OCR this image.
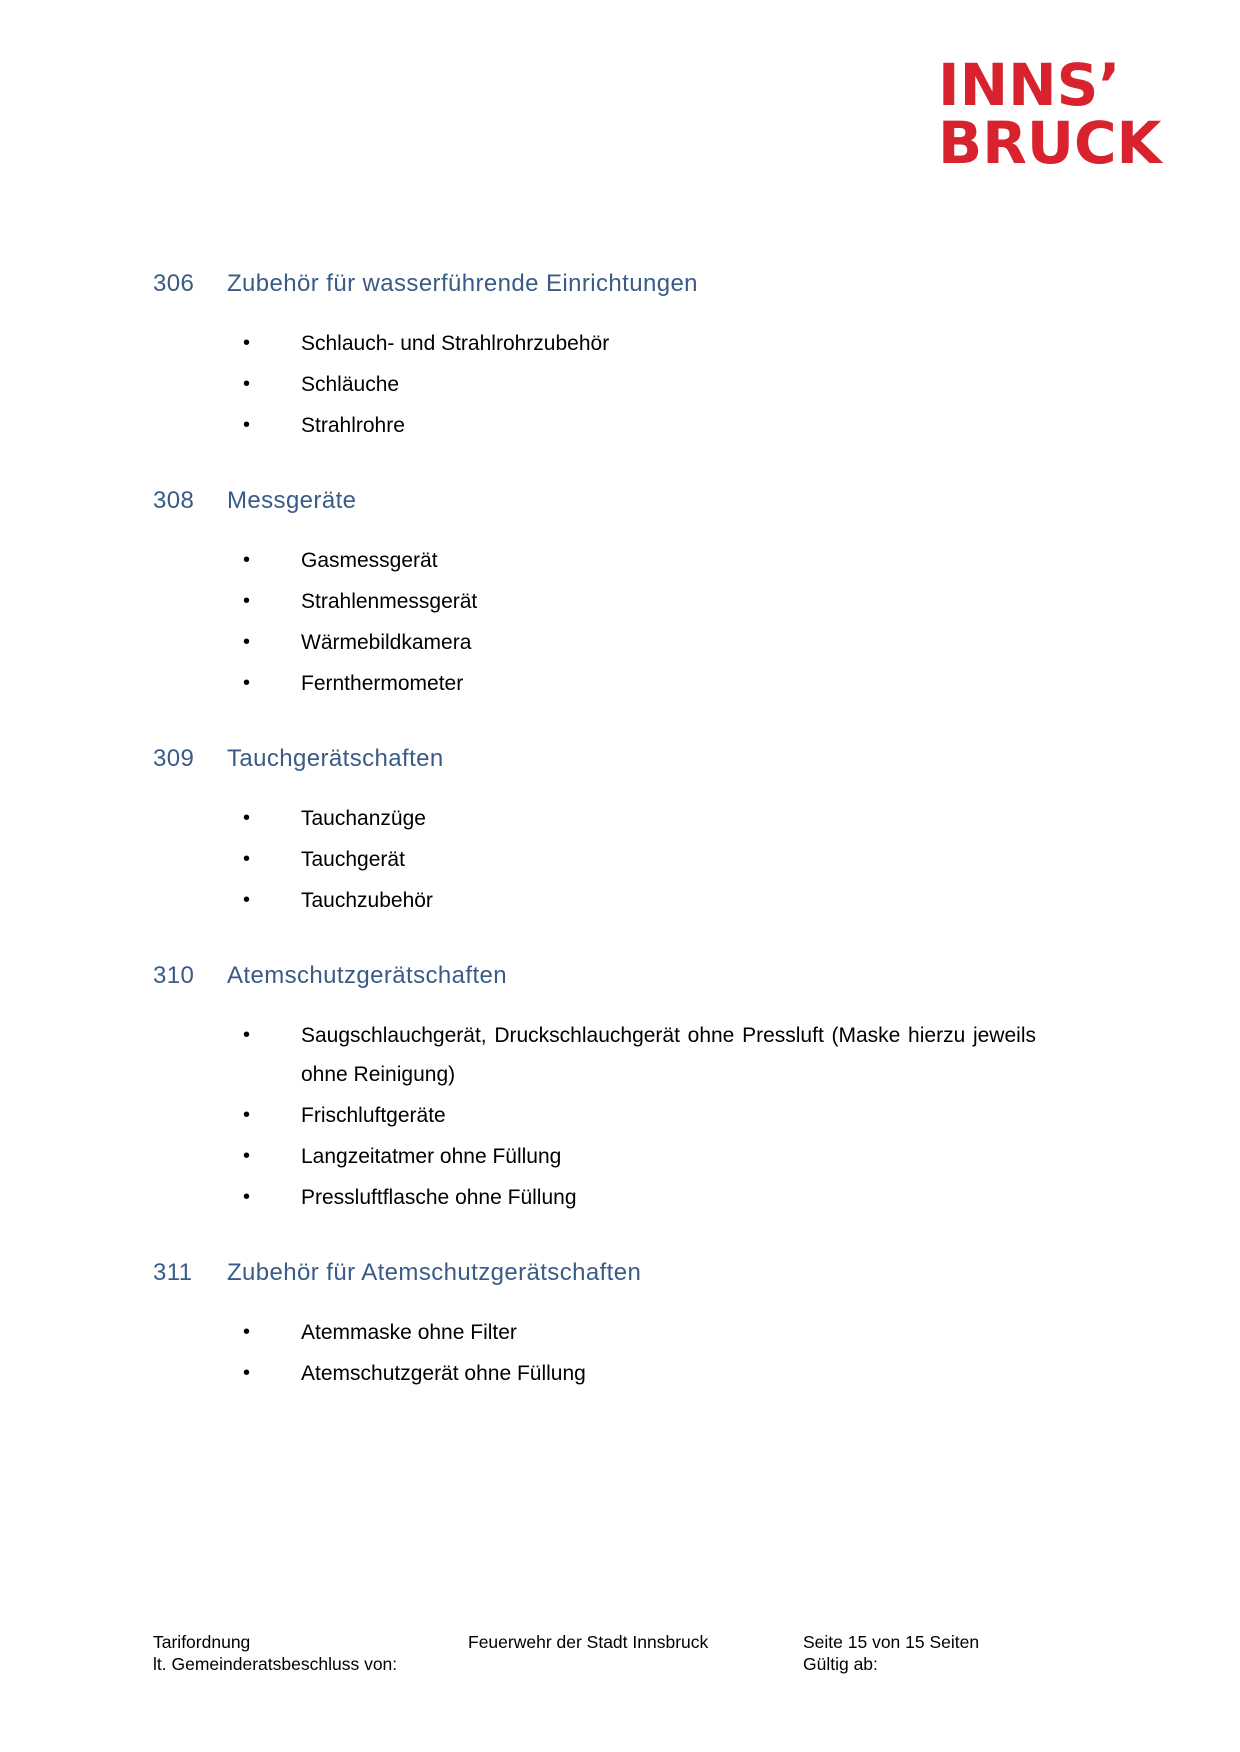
INNS’
BRUCK
306	Zubehör für wasserführende Einrichtungen
• Schlauch- und Strahlrohrzubehör
• Schläuche
• Strahlrohre
308	Messgeräte
• Gasmessgerät
• Strahlenmessgerät
• Wärmebildkamera
• Fernthermometer
309	Tauchgerätschaften
• Tauchanzüge
• Tauchgerät
• Tauchzubehör
310	Atemschutzgerätschaften
• Saugschlauchgerät, Druckschlauchgerät ohne Pressluft (Maske hierzu jeweils ohne Reinigung)
• Frischluftgeräte
• Langzeitatmer ohne Füllung
• Pressluftflasche ohne Füllung
311	Zubehör für Atemschutzgerätschaften
• Atemmaske ohne Filter
• Atemschutzgerät ohne Füllung
Tarifordnung
lt. Gemeinderatsbeschluss von:
Feuerwehr der Stadt Innsbruck	Seite 15 von 15 Seiten
Gültig ab:
